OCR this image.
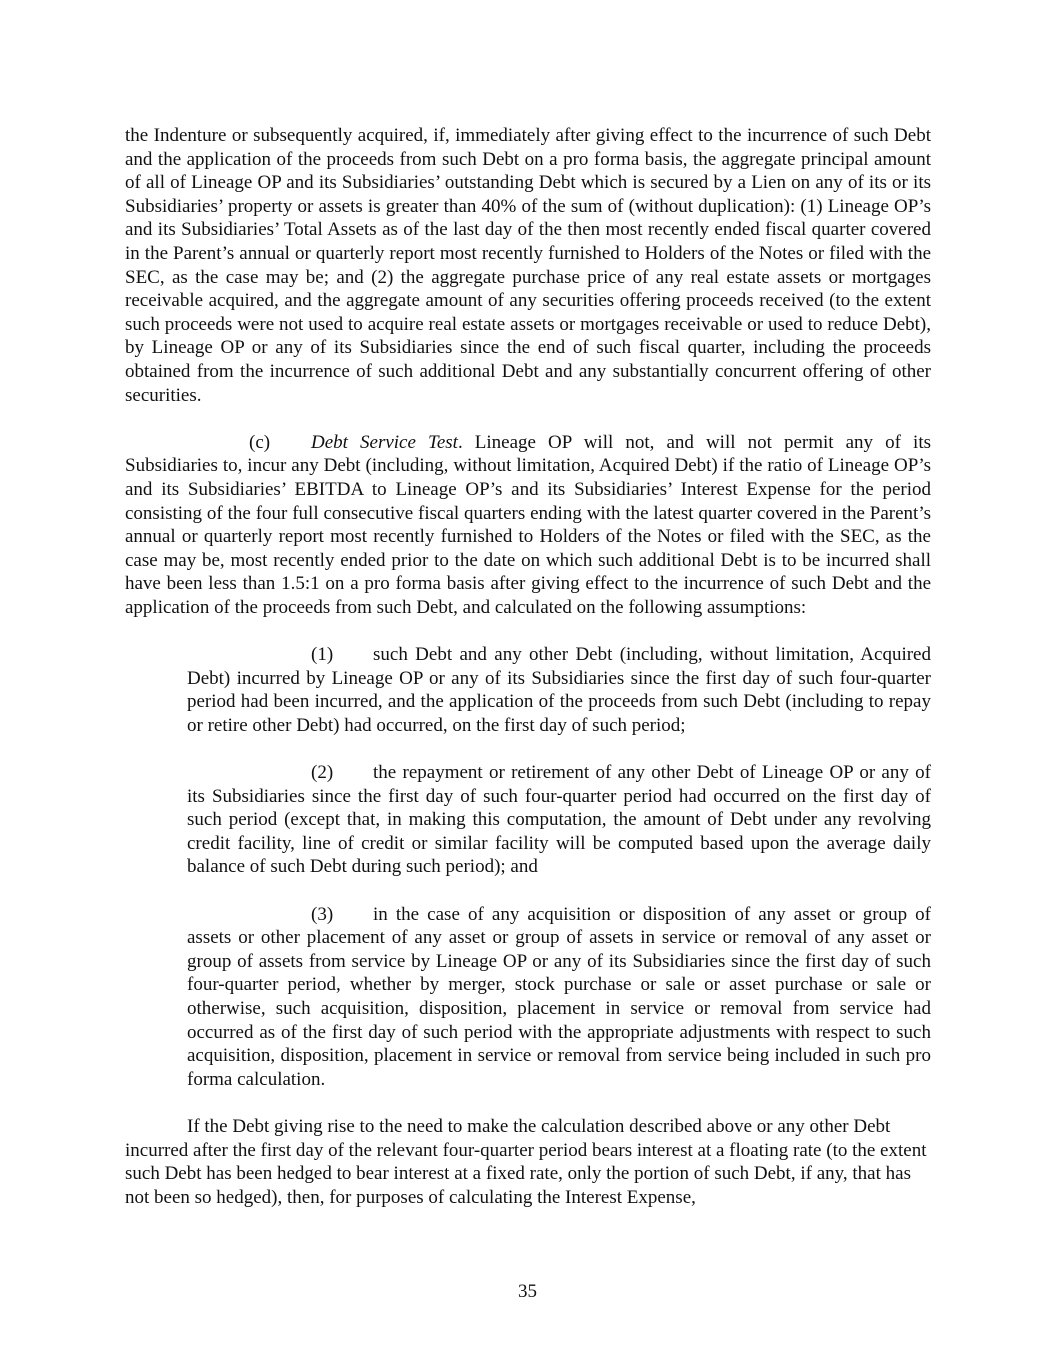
the Indenture or subsequently acquired, if, immediately after giving effect to the incurrence of such Debt and the application of the proceeds from such Debt on a pro forma basis, the aggregate principal amount of all of Lineage OP and its Subsidiaries’ outstanding Debt which is secured by a Lien on any of its or its Subsidiaries’ property or assets is greater than 40% of the sum of (without duplication): (1) Lineage OP’s and its Subsidiaries’ Total Assets as of the last day of the then most recently ended fiscal quarter covered in the Parent’s annual or quarterly report most recently furnished to Holders of the Notes or filed with the SEC, as the case may be; and (2) the aggregate purchase price of any real estate assets or mortgages receivable acquired, and the aggregate amount of any securities offering proceeds received (to the extent such proceeds were not used to acquire real estate assets or mortgages receivable or used to reduce Debt), by Lineage OP or any of its Subsidiaries since the end of such fiscal quarter, including the proceeds obtained from the incurrence of such additional Debt and any substantially concurrent offering of other securities.

(c) Debt Service Test. Lineage OP will not, and will not permit any of its Subsidiaries to, incur any Debt (including, without limitation, Acquired Debt) if the ratio of Lineage OP’s and its Subsidiaries’ EBITDA to Lineage OP’s and its Subsidiaries’ Interest Expense for the period consisting of the four full consecutive fiscal quarters ending with the latest quarter covered in the Parent’s annual or quarterly report most recently furnished to Holders of the Notes or filed with the SEC, as the case may be, most recently ended prior to the date on which such additional Debt is to be incurred shall have been less than 1.5:1 on a pro forma basis after giving effect to the incurrence of such Debt and the application of the proceeds from such Debt, and calculated on the following assumptions:

(1) such Debt and any other Debt (including, without limitation, Acquired Debt) incurred by Lineage OP or any of its Subsidiaries since the first day of such four-quarter period had been incurred, and the application of the proceeds from such Debt (including to repay or retire other Debt) had occurred, on the first day of such period;

(2) the repayment or retirement of any other Debt of Lineage OP or any of its Subsidiaries since the first day of such four-quarter period had occurred on the first day of such period (except that, in making this computation, the amount of Debt under any revolving credit facility, line of credit or similar facility will be computed based upon the average daily balance of such Debt during such period); and

(3) in the case of any acquisition or disposition of any asset or group of assets or other placement of any asset or group of assets in service or removal of any asset or group of assets from service by Lineage OP or any of its Subsidiaries since the first day of such four-quarter period, whether by merger, stock purchase or sale or asset purchase or sale or otherwise, such acquisition, disposition, placement in service or removal from service had occurred as of the first day of such period with the appropriate adjustments with respect to such acquisition, disposition, placement in service or removal from service being included in such pro forma calculation.

If the Debt giving rise to the need to make the calculation described above or any other Debt incurred after the first day of the relevant four-quarter period bears interest at a floating rate (to the extent such Debt has been hedged to bear interest at a fixed rate, only the portion of such Debt, if any, that has not been so hedged), then, for purposes of calculating the Interest Expense,

35
